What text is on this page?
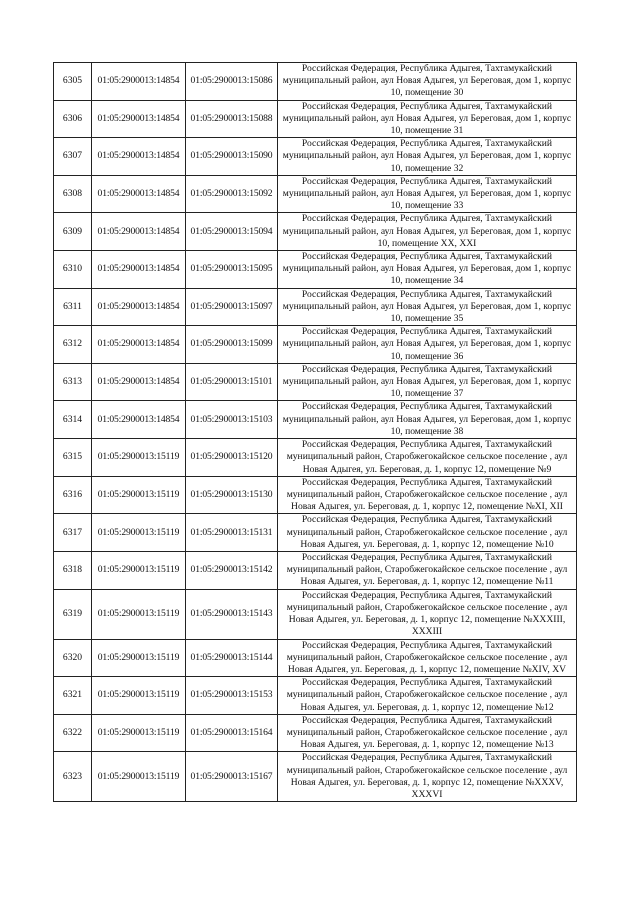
6305	01:05:2900013:14854	01:05:2900013:15086	Российская Федерация, Республика Адыгея, Тахтамукайский муниципальный район, аул Новая Адыгея, ул Береговая, дом 1, корпус 10, помещение 30
6306	01:05:2900013:14854	01:05:2900013:15088	Российская Федерация, Республика Адыгея, Тахтамукайский муниципальный район, аул Новая Адыгея, ул Береговая, дом 1, корпус 10, помещение 31
6307	01:05:2900013:14854	01:05:2900013:15090	Российская Федерация, Республика Адыгея, Тахтамукайский муниципальный район, аул Новая Адыгея, ул Береговая, дом 1, корпус 10, помещение 32
6308	01:05:2900013:14854	01:05:2900013:15092	Российская Федерация, Республика Адыгея, Тахтамукайский муниципальный район, аул Новая Адыгея, ул Береговая, дом 1, корпус 10, помещение 33
6309	01:05:2900013:14854	01:05:2900013:15094	Российская Федерация, Республика Адыгея, Тахтамукайский муниципальный район, аул Новая Адыгея, ул Береговая, дом 1, корпус 10, помещение XX, XXI
6310	01:05:2900013:14854	01:05:2900013:15095	Российская Федерация, Республика Адыгея, Тахтамукайский муниципальный район, аул Новая Адыгея, ул Береговая, дом 1, корпус 10, помещение 34
6311	01:05:2900013:14854	01:05:2900013:15097	Российская Федерация, Республика Адыгея, Тахтамукайский муниципальный район, аул Новая Адыгея, ул Береговая, дом 1, корпус 10, помещение 35
6312	01:05:2900013:14854	01:05:2900013:15099	Российская Федерация, Республика Адыгея, Тахтамукайский муниципальный район, аул Новая Адыгея, ул Береговая, дом 1, корпус 10, помещение 36
6313	01:05:2900013:14854	01:05:2900013:15101	Российская Федерация, Республика Адыгея, Тахтамукайский муниципальный район, аул Новая Адыгея, ул Береговая, дом 1, корпус 10, помещение 37
6314	01:05:2900013:14854	01:05:2900013:15103	Российская Федерация, Республика Адыгея, Тахтамукайский муниципальный район, аул Новая Адыгея, ул Береговая, дом 1, корпус 10, помещение 38
6315	01:05:2900013:15119	01:05:2900013:15120	Российская Федерация, Республика Адыгея, Тахтамукайский муниципальный район, Старобжегокайское сельское поселение , аул Новая Адыгея, ул. Береговая, д. 1, корпус 12, помещение №9
6316	01:05:2900013:15119	01:05:2900013:15130	Российская Федерация, Республика Адыгея, Тахтамукайский муниципальный район, Старобжегокайское сельское поселение , аул Новая Адыгея, ул. Береговая, д. 1, корпус 12, помещение №XI, XII
6317	01:05:2900013:15119	01:05:2900013:15131	Российская Федерация, Республика Адыгея, Тахтамукайский муниципальный район, Старобжегокайское сельское поселение , аул Новая Адыгея, ул. Береговая, д. 1, корпус 12, помещение №10
6318	01:05:2900013:15119	01:05:2900013:15142	Российская Федерация, Республика Адыгея, Тахтамукайский муниципальный район, Старобжегокайское сельское поселение , аул Новая Адыгея, ул. Береговая, д. 1, корпус 12, помещение №11
6319	01:05:2900013:15119	01:05:2900013:15143	Российская Федерация, Республика Адыгея, Тахтамукайский муниципальный район, Старобжегокайское сельское поселение , аул Новая Адыгея, ул. Береговая, д. 1, корпус 12, помещение №XXXIII, XXXIII
6320	01:05:2900013:15119	01:05:2900013:15144	Российская Федерация, Республика Адыгея, Тахтамукайский муниципальный район, Старобжегокайское сельское поселение , аул Новая Адыгея, ул. Береговая, д. 1, корпус 12, помещение №XIV, XV
6321	01:05:2900013:15119	01:05:2900013:15153	Российская Федерация, Республика Адыгея, Тахтамукайский муниципальный район, Старобжегокайское сельское поселение , аул Новая Адыгея, ул. Береговая, д. 1, корпус 12, помещение №12
6322	01:05:2900013:15119	01:05:2900013:15164	Российская Федерация, Республика Адыгея, Тахтамукайский муниципальный район, Старобжегокайское сельское поселение , аул Новая Адыгея, ул. Береговая, д. 1, корпус 12, помещение №13
6323	01:05:2900013:15119	01:05:2900013:15167	Российская Федерация, Республика Адыгея, Тахтамукайский муниципальный район, Старобжегокайское сельское поселение , аул Новая Адыгея, ул. Береговая, д. 1, корпус 12, помещение №XXXV, XXXVI
